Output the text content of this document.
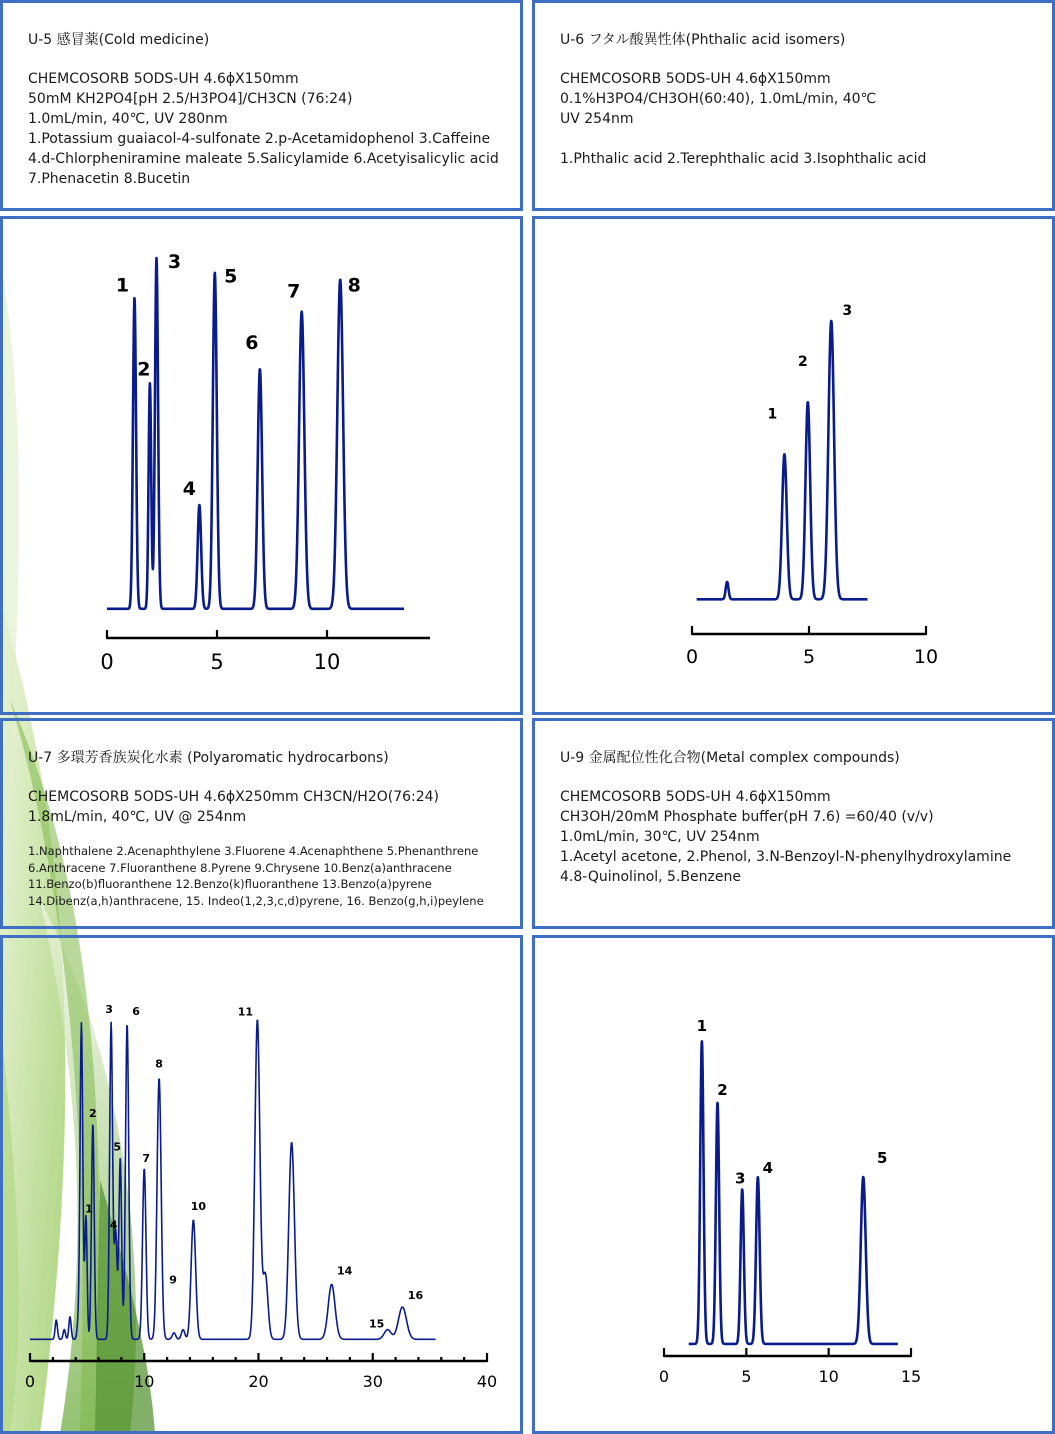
U-5 感冒薬(Cold medicine)
CHEMCOSORB 5ODS-UH 4.6ϕX150mm
50mM KH2PO4[pH 2.5/H3PO4]/CH3CN (76:24)
1.0mL/min, 40℃, UV 280nm
1.Potassium guaiacol-4-sulfonate 2.p-Acetamidophenol 3.Caffeine
4.d-Chlorpheniramine maleate 5.Salicylamide 6.Acetyisalicylic acid
7.Phenacetin 8.Bucetin
U-6 フタル酸異性体(Phthalic acid isomers)
CHEMCOSORB 5ODS-UH 4.6ϕX150mm
0.1%H3PO4/CH3OH(60:40), 1.0mL/min, 40℃
UV 254nm
1.Phthalic acid 2.Terephthalic acid 3.Isophthalic acid
U-7 多環芳香族炭化水素 (Polyaromatic hydrocarbons)
CHEMCOSORB 5ODS-UH 4.6ϕX250mm CH3CN/H2O(76:24)
1.8mL/min, 40℃, UV @ 254nm
1.Naphthalene 2.Acenaphthylene 3.Fluorene 4.Acenaphthene 5.Phenanthrene
6.Anthracene 7.Fluoranthene 8.Pyrene 9.Chrysene 10.Benz(a)anthracene
11.Benzo(b)fluoranthene 12.Benzo(k)fluoranthene 13.Benzo(a)pyrene
14.Dibenz(a,h)anthracene, 15. Indeo(1,2,3,c,d)pyrene, 16. Benzo(g,h,i)peylene
U-9 金属配位性化合物(Metal complex compounds)
CHEMCOSORB 5ODS-UH 4.6ϕX150mm
CH3OH/20mM Phosphate buffer(pH 7.6) =60/40 (v/v)
1.0mL/min, 30℃, UV 254nm
1.Acetyl acetone, 2.Phenol, 3.N-Benzoyl-N-phenylhydroxylamine
4.8-Quinolinol, 5.Benzene
0	5	10
1
2
3
4
5
6
7 8
0	5	10
1
2
3
0	10	20	30	40
1
2
3
4
5
6
7
8
9
10
11
14
15
16
0	5	10	15
1
2
3
4
5
